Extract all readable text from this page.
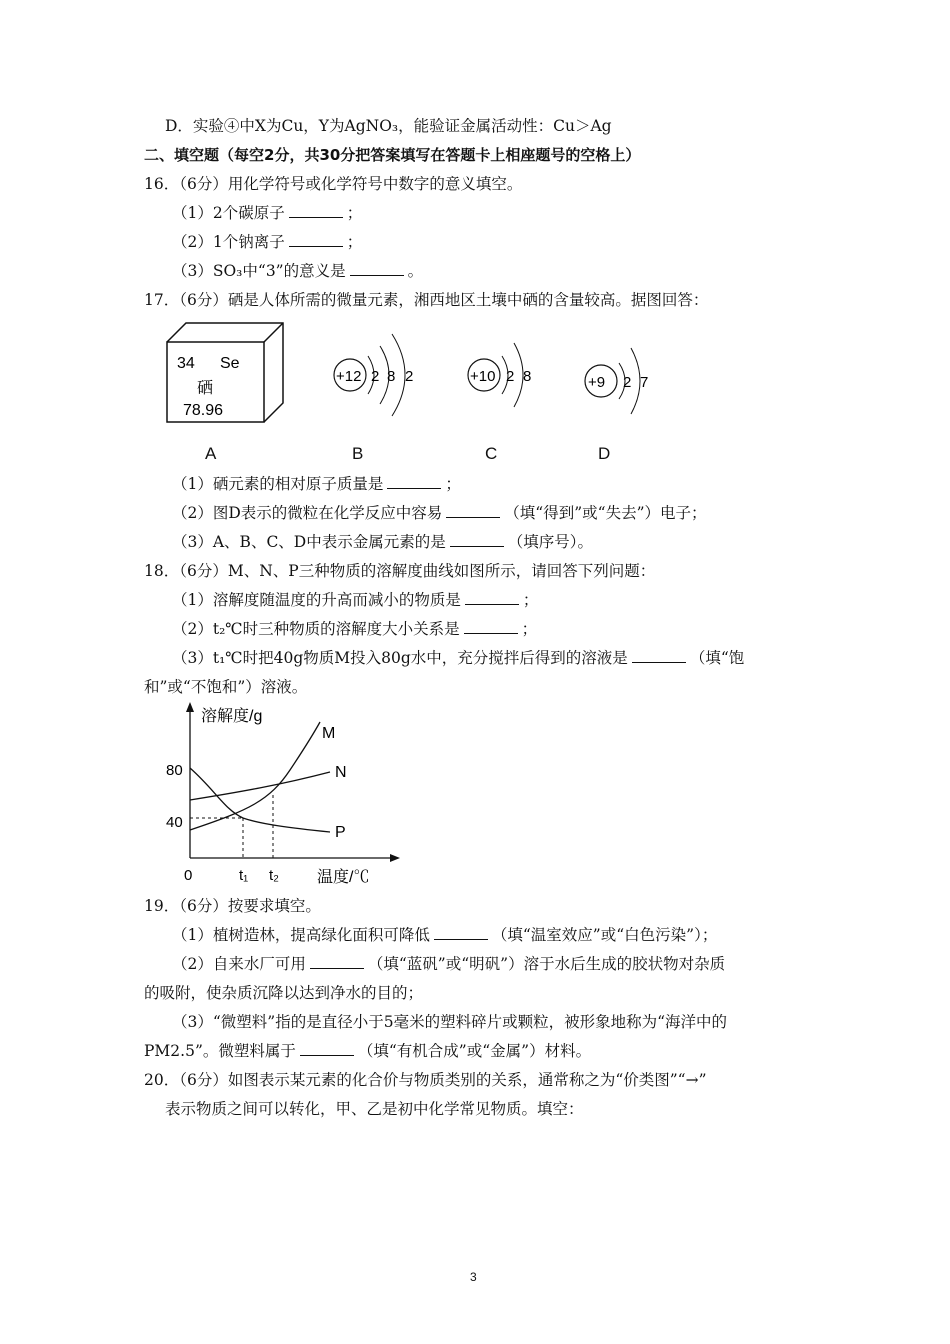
D．实验④中X为Cu，Y为AgNO₃，能验证金属活动性：Cu＞Ag
二、填空题（每空2分，共30分把答案填写在答题卡上相座题号的空格上）
16．（6分）用化学符号或化学符号中数字的意义填空。
（1）2个碳原子	；
（2）1个钠离子	；
（3）SO₃中“3”的意义是	。
17．（6分）硒是人体所需的微量元素，湘西地区土壤中硒的含量较高。据图回答：
34 Se
硒
78.96
+12 2 8 2	+10 2 8	+9 2 7
A	B	C	D
（1）硒元素的相对原子质量是	；
（2）图D表示的微粒在化学反应中容易	（填“得到”或“失去”）电子；
（3）A、B、C、D中表示金属元素的是	（填序号）。
18．（6分）M、N、P三种物质的溶解度曲线如图所示，请回答下列问题：
（1）溶解度随温度的升高而减小的物质是	；
（2）t₂℃时三种物质的溶解度大小关系是	；
（3）t₁℃时把40g物质M投入80g水中，充分搅拌后得到的溶液是	（填“饱
和”或“不饱和”）溶液。
溶解度/g
温度/℃
0
80
40
t₁ t₂
M
N
P
19．（6分）按要求填空。
（1）植树造林，提高绿化面积可降低	（填“温室效应”或“白色污染”）；
（2）自来水厂可用	（填“蓝矾”或“明矾”）溶于水后生成的胶状物对杂质
的吸附，使杂质沉降以达到净水的目的；
（3）“微塑料”指的是直径小于5毫米的塑料碎片或颗粒，被形象地称为“海洋中的
PM2.5”。微塑料属于	（填“有机合成”或“金属”）材料。
20．（6分）如图表示某元素的化合价与物质类别的关系，通常称之为“价类图”“→”
表示物质之间可以转化，甲、乙是初中化学常见物质。填空：
3
